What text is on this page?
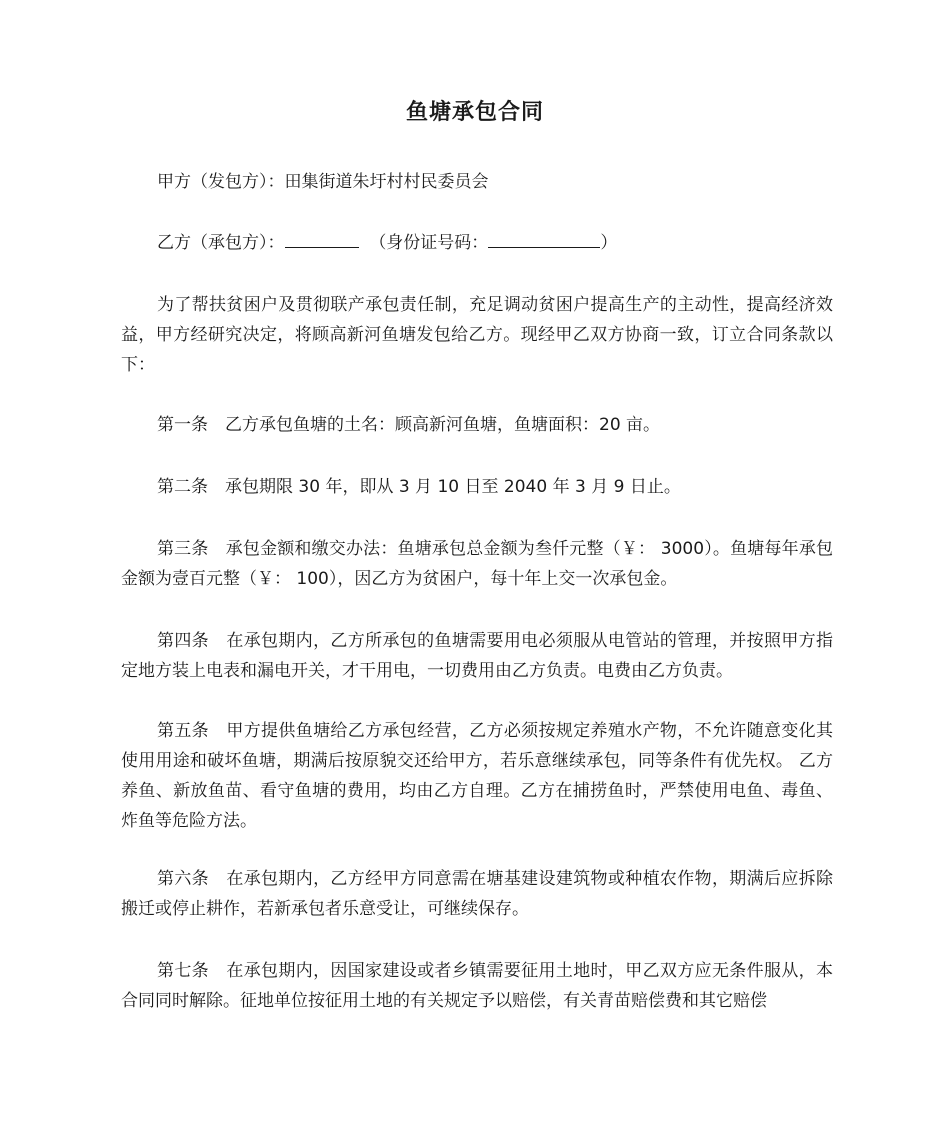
鱼塘承包合同

甲方（发包方）：田集街道朱圩村村民委员会

乙方（承包方）：	（身份证号码：	）

为了帮扶贫困户及贯彻联产承包责任制，充足调动贫困户提高生产的主动性，提高经济效益，甲方经研究决定，将顾高新河鱼塘发包给乙方。现经甲乙双方协商一致，订立合同条款以下：

第一条　乙方承包鱼塘的土名：顾高新河鱼塘，鱼塘面积：20 亩。

第二条　承包期限 30 年，即从 3 月 10 日至 2040 年 3 月 9 日止。

第三条　承包金额和缴交办法：鱼塘承包总金额为叁仟元整（￥： 3000）。鱼塘每年承包金额为壹百元整（￥： 100），因乙方为贫困户，每十年上交一次承包金。

第四条　在承包期内，乙方所承包的鱼塘需要用电必须服从电管站的管理，并按照甲方指定地方装上电表和漏电开关，才干用电，一切费用由乙方负责。电费由乙方负责。

第五条　甲方提供鱼塘给乙方承包经营，乙方必须按规定养殖水产物，不允许随意变化其使用用途和破坏鱼塘，期满后按原貌交还给甲方，若乐意继续承包，同等条件有优先权。 乙方养鱼、新放鱼苗、看守鱼塘的费用，均由乙方自理。乙方在捕捞鱼时，严禁使用电鱼、毒鱼、炸鱼等危险方法。

第六条　在承包期内，乙方经甲方同意需在塘基建设建筑物或种植农作物，期满后应拆除搬迁或停止耕作，若新承包者乐意受让，可继续保存。

第七条　在承包期内，因国家建设或者乡镇需要征用土地时，甲乙双方应无条件服从，本合同同时解除。征地单位按征用土地的有关规定予以赔偿，有关青苗赔偿费和其它赔偿
